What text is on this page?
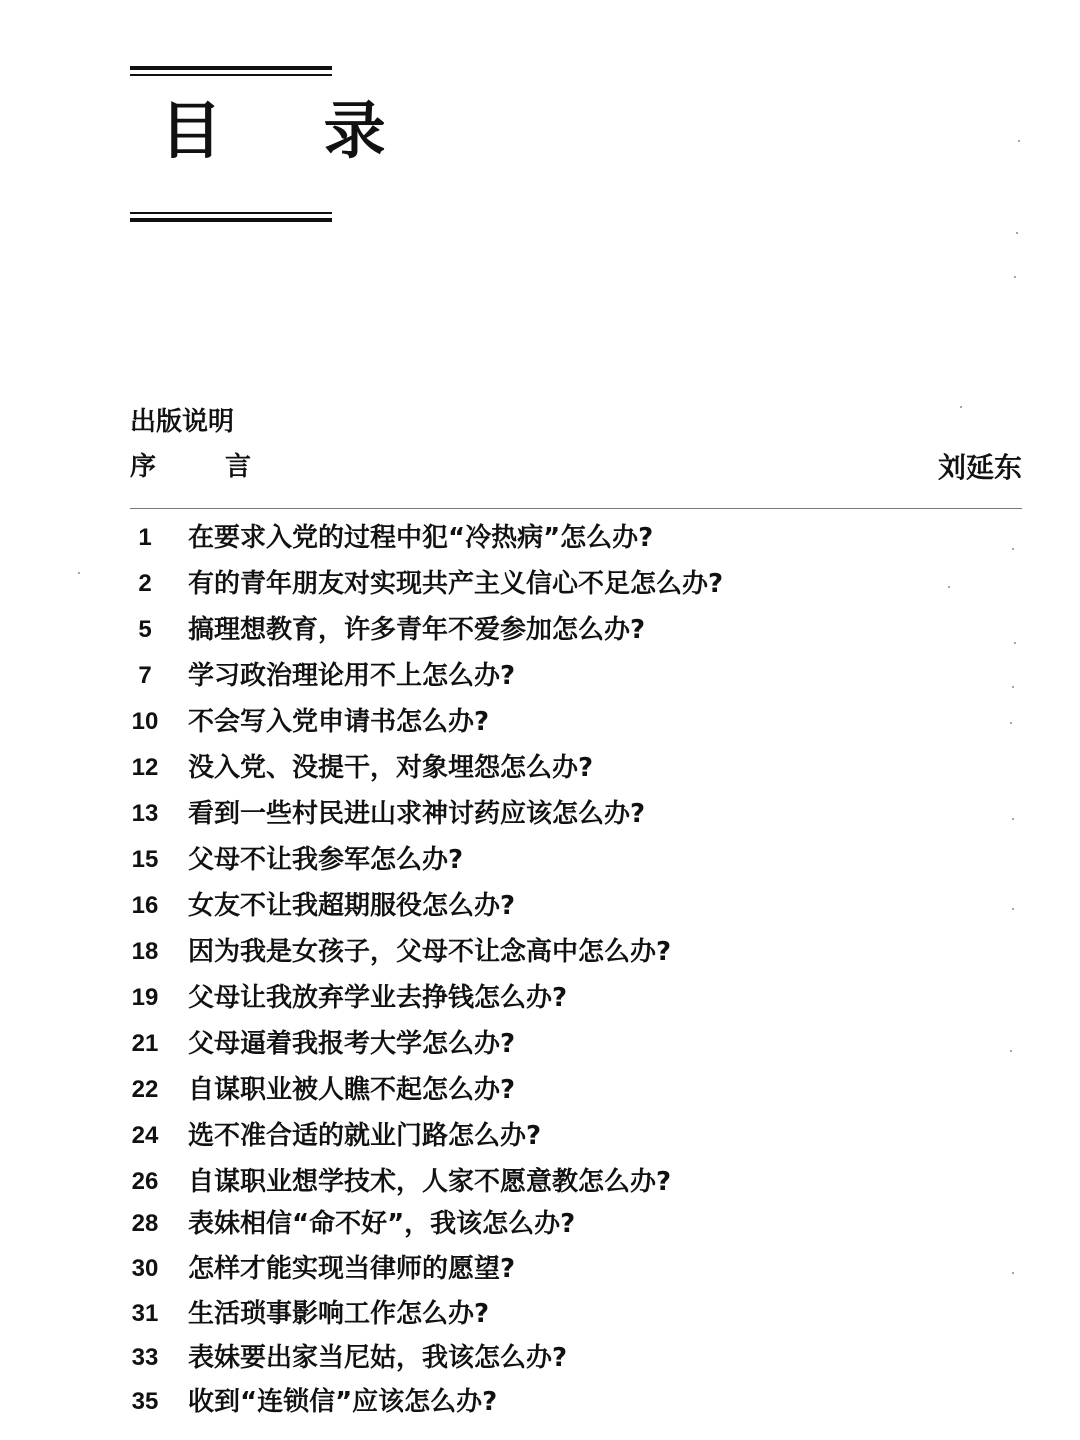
目 录
出版说明
序 言	刘延东
1	在要求入党的过程中犯“冷热病”怎么办?
2	有的青年朋友对实现共产主义信心不足怎么办?
5	搞理想教育，许多青年不爱参加怎么办?
7	学习政治理论用不上怎么办?
10 不会写入党申请书怎么办?
12 没入党、没提干，对象埋怨怎么办?
13 看到一些村民进山求神讨药应该怎么办?
15 父母不让我参军怎么办?
16 女友不让我超期服役怎么办?
18 因为我是女孩子，父母不让念高中怎么办?
19 父母让我放弃学业去挣钱怎么办?
21 父母逼着我报考大学怎么办?
22 自谋职业被人瞧不起怎么办?
24 选不准合适的就业门路怎么办?
26 自谋职业想学技术，人家不愿意教怎么办?
28 表妹相信“命不好”，我该怎么办?
30 怎样才能实现当律师的愿望?
31 生活琐事影响工作怎么办?
33 表妹要出家当尼姑，我该怎么办?
35 收到“连锁信”应该怎么办?
